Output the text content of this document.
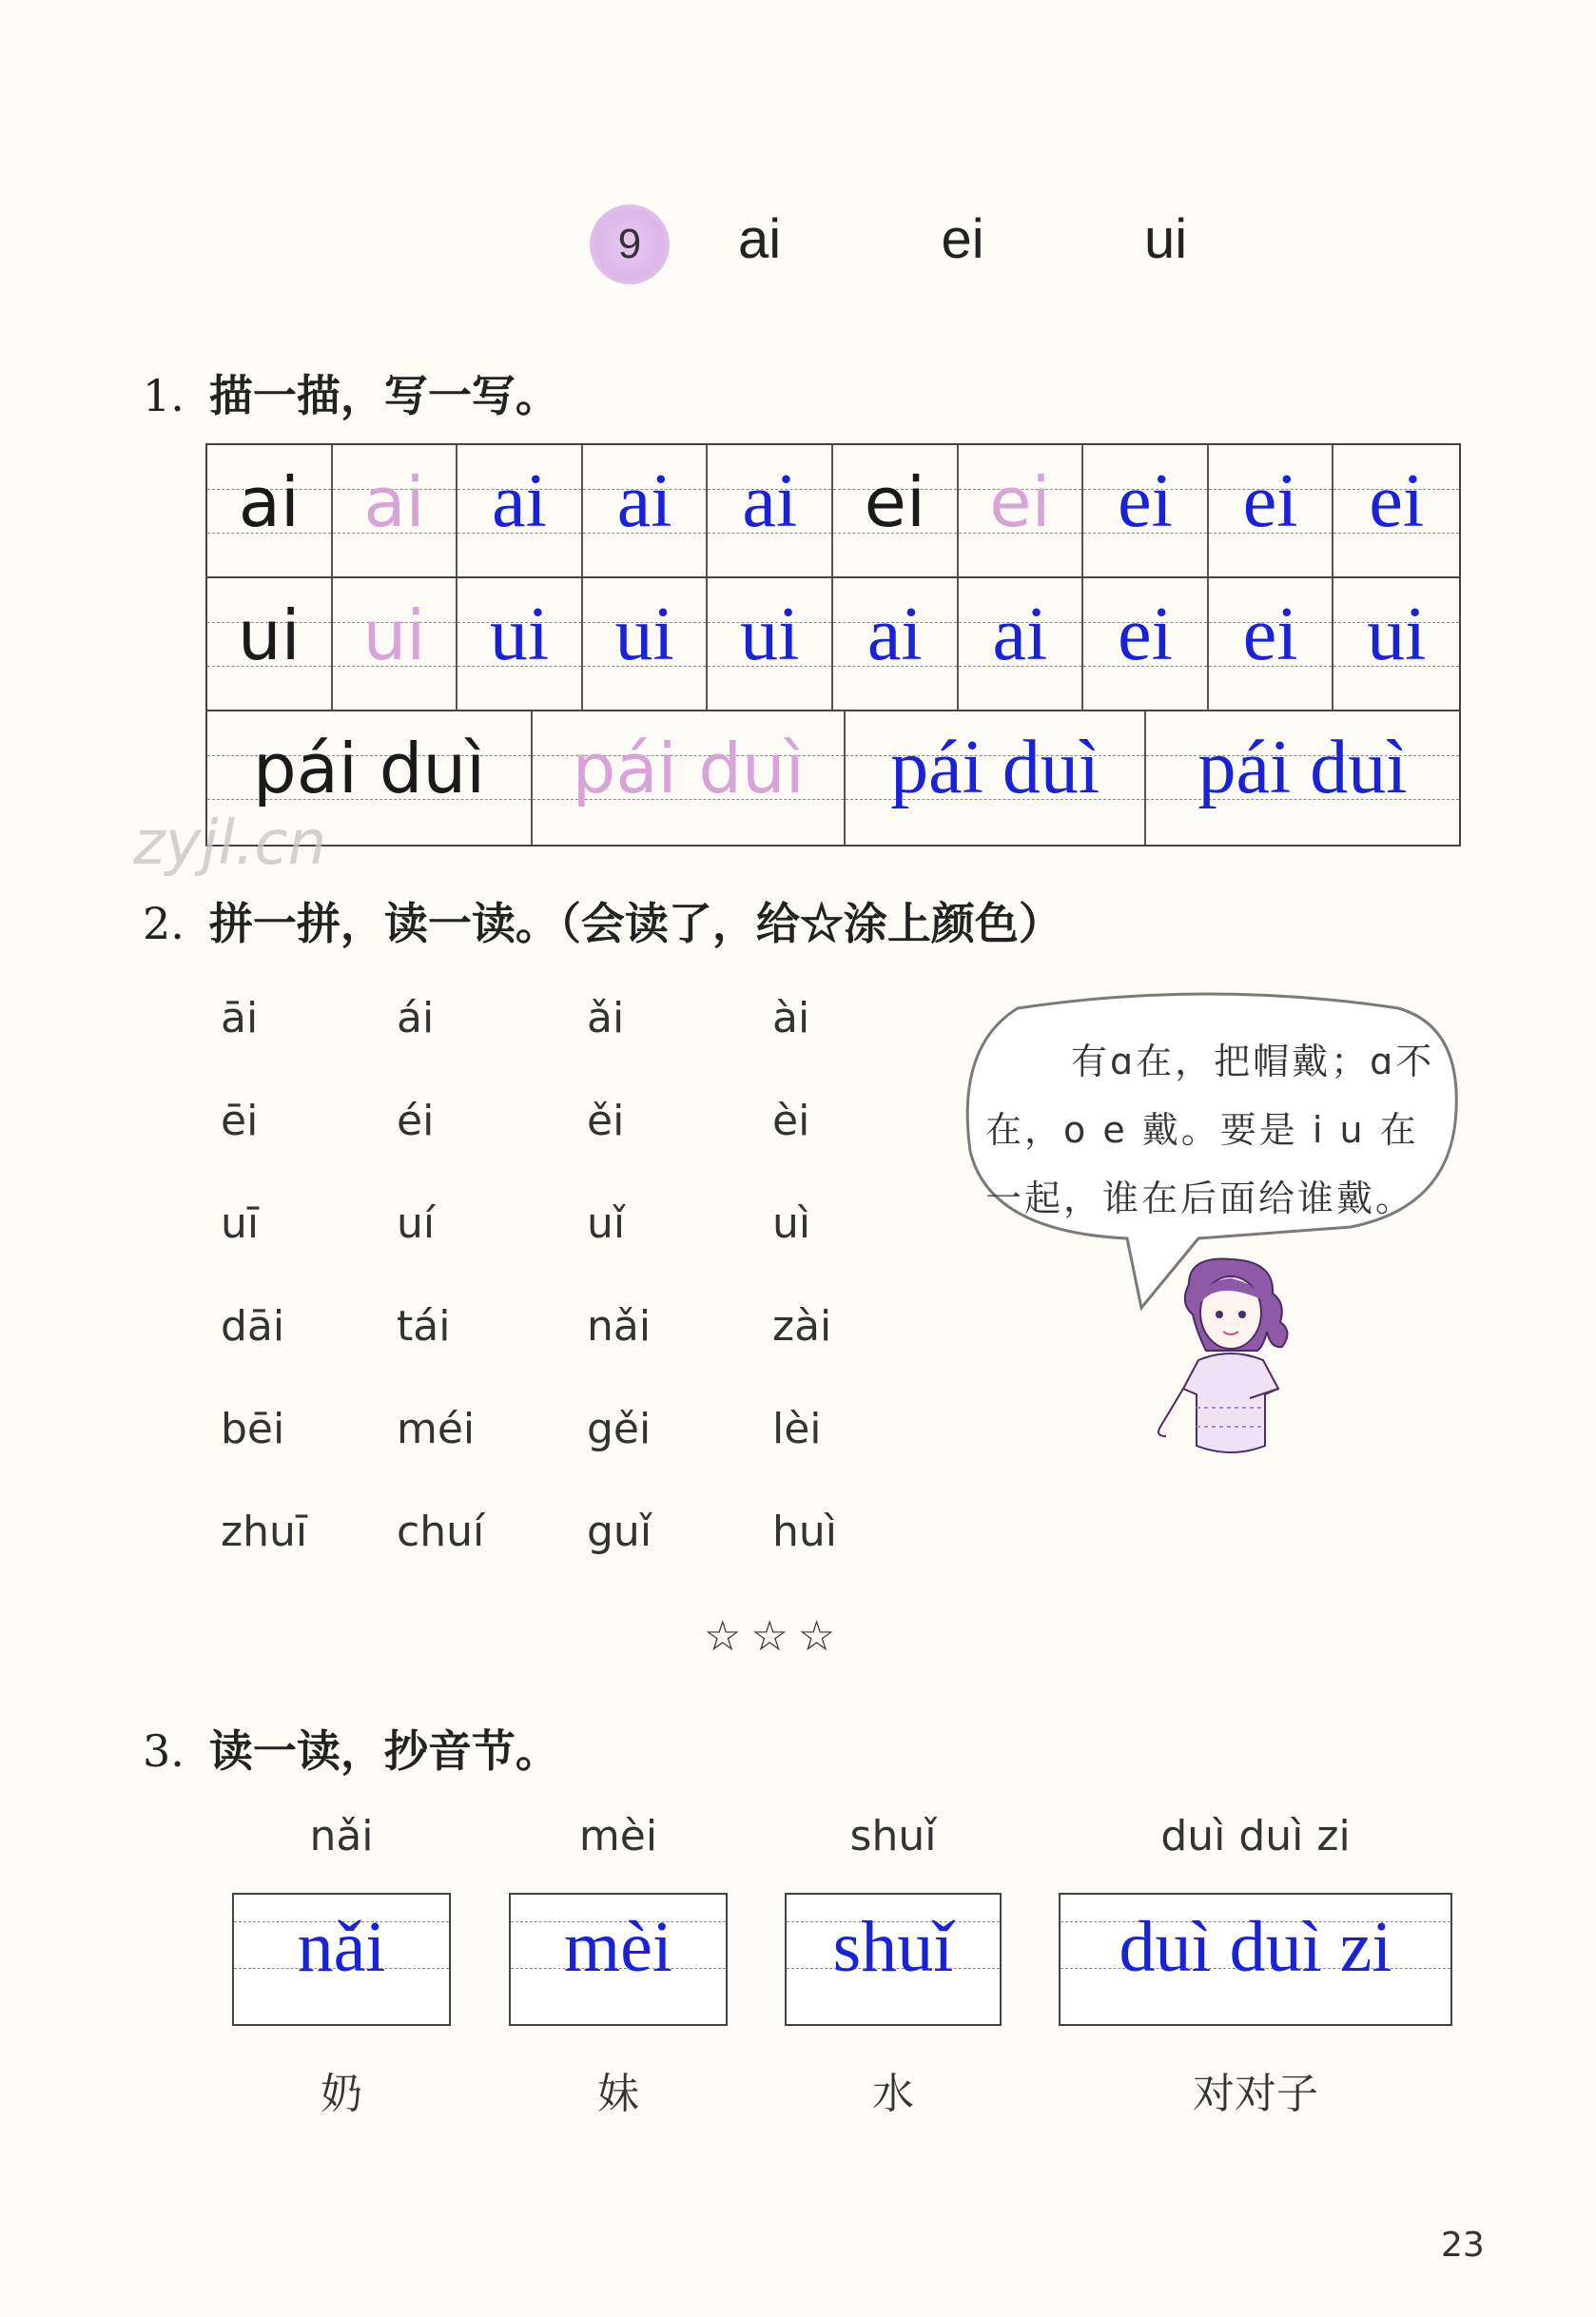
9 ai   ei   ui
1. 描一描，写一写。
ai ai ai ai ai ei ei ei ei ei
ui ui ui ui ui ai ai ei ei ui
pái duì	pái duì	pái duì	pái duì
zyjl.cn
2. 拼一拼，读一读。（会读了，给☆涂上颜色）
āi	ái	ǎi	ài
ēi	éi	ěi	èi
uī	uí	uǐ	uì
dāi	tái	nǎi	zài
bēi	méi	gěi	lèi
zhuī chuí guǐ	huì
有ɑ在，把帽戴；ɑ不
在，o e 戴。要是 i u 在
一起，谁在后面给谁戴。
☆☆☆
3. 读一读，抄音节。
nǎi
nǎi
奶
mèi
mèi
妹
shuǐ
shuǐ
水
duì duì zi
duì duì zi
对对子
23
